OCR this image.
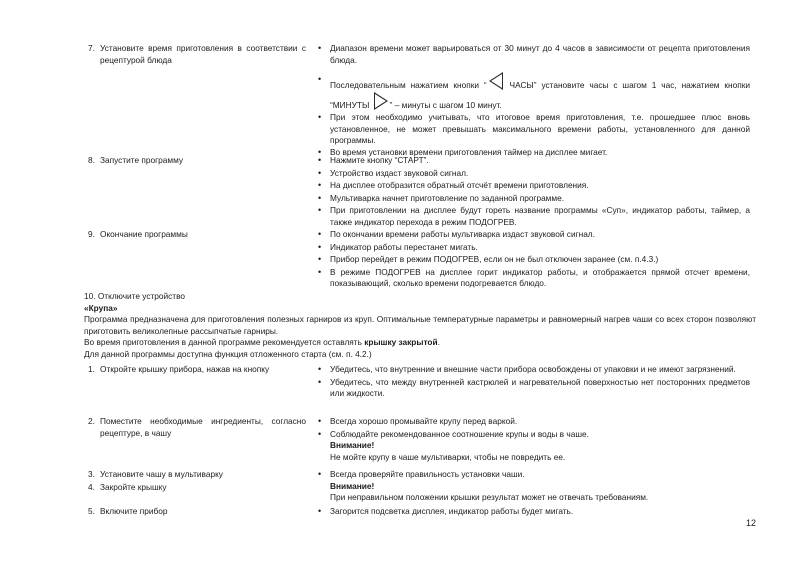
7. Установите время приготовления в соответствии с рецептурой блюда
• Диапазон времени может варьироваться от 30 минут до 4 часов в зависимости от рецепта приготовления блюда.
• Последовательным нажатием кнопки “ ЧАСЫ” установите часы с шагом 1 час, нажатием кнопки “МИНУТЫ ” – минуты с шагом 10 минут.
• При этом необходимо учитывать, что итоговое время приготовления, т.е. прошедшее плюс вновь установленное, не может превышать максимального времени работы, установленного для данной программы.
• Во время установки времени приготовления таймер на дисплее мигает.
8. Запустите программу	• Нажмите кнопку “СТАРТ”.
• Устройство издаст звуковой сигнал.
• На дисплее отобразится обратный отсчёт времени приготовления.
• Мультиварка начнет приготовление по заданной программе.
• При приготовлении на дисплее будут гореть название программы «Суп», индикатор работы, таймер, а также индикатор перехода в режим ПОДОГРЕВ.
9. Окончание программы	• По окончании времени работы мультиварка издаст звуковой сигнал.
• Индикатор работы перестанет мигать.
• Прибор перейдет в режим ПОДОГРЕВ, если он не был отключен заранее (см. п.4.3.)
• В режиме ПОДОГРЕВ на дисплее горит индикатор работы, и отображается прямой отсчет времени, показывающий, сколько времени подогревается блюдо.
10. Отключите устройство
«Крупа»
Программа предназначена для приготовления полезных гарниров из круп. Оптимальные температурные параметры и равномерный нагрев чаши со всех сторон позволяют приготовить великолепные рассыпчатые гарниры.
Во время приготовления в данной программе рекомендуется оставлять крышку закрытой.
Для данной программы доступна функция отложенного старта (см. п. 4.2.)
1. Откройте крышку прибора, нажав на кнопку	• Убедитесь, что внутренние и внешние части прибора освобождены от упаковки и не имеют загрязнений.
• Убедитесь, что между внутренней кастрюлей и нагревательной поверхностью нет посторонних предметов или жидкости.
2. Поместите необходимые ингредиенты, согласно рецептуре, в чашу
• Всегда хорошо промывайте крупу перед варкой.
• Соблюдайте рекомендованное соотношение крупы и воды в чаше.
Внимание!
Не мойте крупу в чаше мультиварки, чтобы не повредить ее.
3. Установите чашу в мультиварку	• Всегда проверяйте правильность установки чаши.
Внимание!
При неправильном положении крышки результат может не отвечать требованиям.
4. Закройте крышку
5. Включите прибор	• Загорится подсветка дисплея, индикатор работы будет мигать.
12
